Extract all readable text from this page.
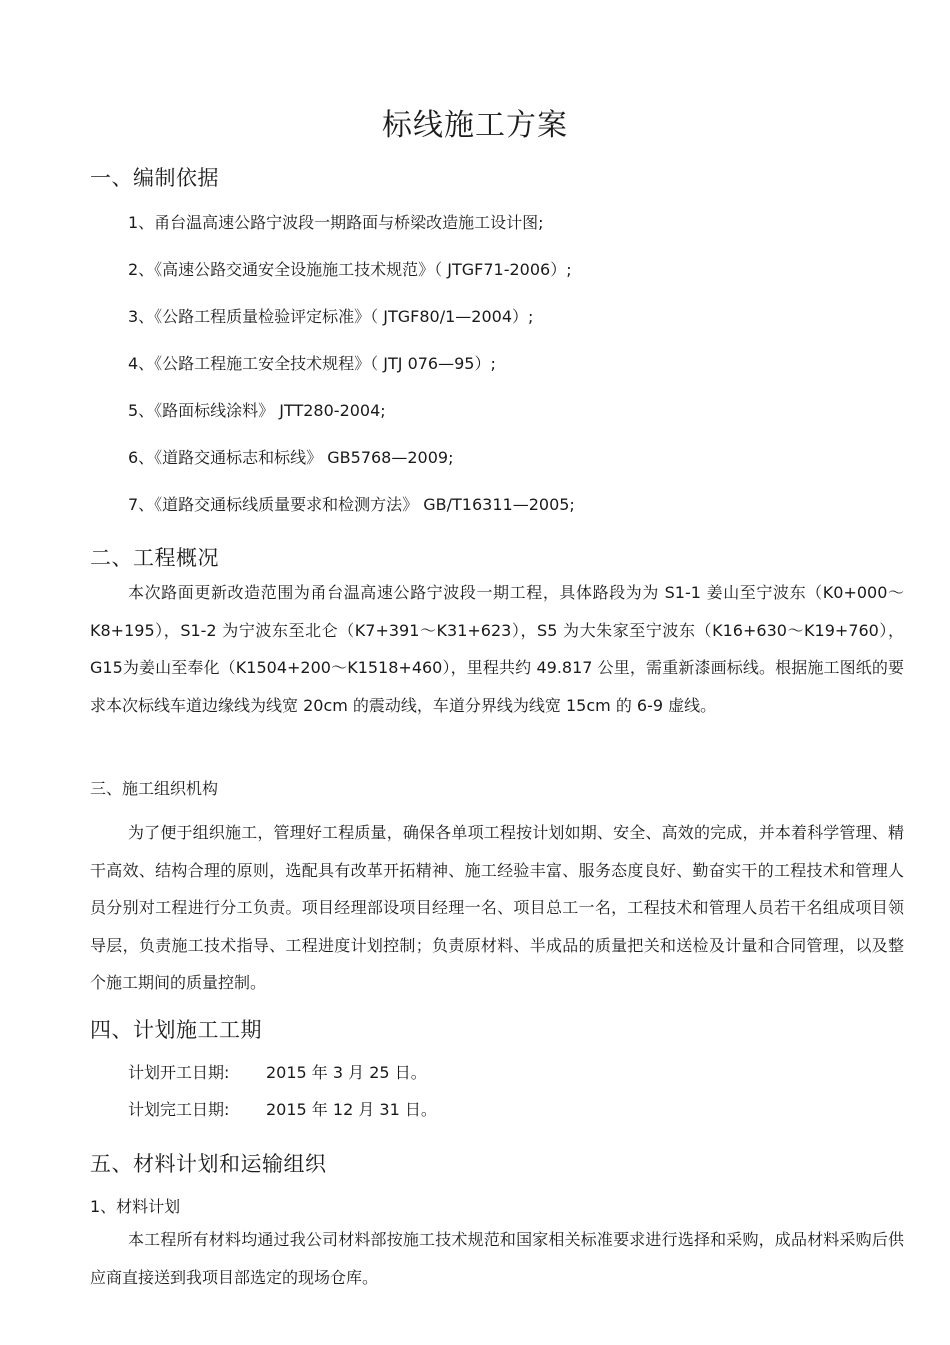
标线施工方案
一、编制依据
1、甬台温高速公路宁波段一期路面与桥梁改造施工设计图;
2、《高速公路交通安全设施施工技术规范》（ JTGF71-2006）;
3、《公路工程质量检验评定标准》（ JTGF80/1—2004）;
4、《公路工程施工安全技术规程》（ JTJ 076—95）;
5、《路面标线涂料》 JTT280-2004;
6、《道路交通标志和标线》 GB5768—2009;
7、《道路交通标线质量要求和检测方法》 GB/T16311—2005;
二、工程概况
本次路面更新改造范围为甬台温高速公路宁波段一期工程，具体路段为为 S1-1 姜山至宁波东（K0+000～K8+195），S1-2 为宁波东至北仑（K7+391～K31+623），S5 为大朱家至宁波东（K16+630～K19+760），G15为姜山至奉化（K1504+200～K1518+460），里程共约 49.817 公里，需重新漆画标线。根据施工图纸的要求本次标线车道边缘线为线宽 20cm 的震动线，车道分界线为线宽 15cm 的 6-9 虚线。
三、施工组织机构
为了便于组织施工，管理好工程质量，确保各单项工程按计划如期、安全、高效的完成，并本着科学管理、精干高效、结构合理的原则，选配具有改革开拓精神、施工经验丰富、服务态度良好、勤奋实干的工程技术和管理人员分别对工程进行分工负责。项目经理部设项目经理一名、项目总工一名，工程技术和管理人员若干名组成项目领导层，负责施工技术指导、工程进度计划控制；负责原材料、半成品的质量把关和送检及计量和合同管理，以及整个施工期间的质量控制。
四、计划施工工期
计划开工日期: 2015 年 3 月 25 日。
计划完工日期: 2015 年 12 月 31 日。
五、材料计划和运输组织
1、材料计划
本工程所有材料均通过我公司材料部按施工技术规范和国家相关标准要求进行选择和采购，成品材料采购后供应商直接送到我项目部选定的现场仓库。
